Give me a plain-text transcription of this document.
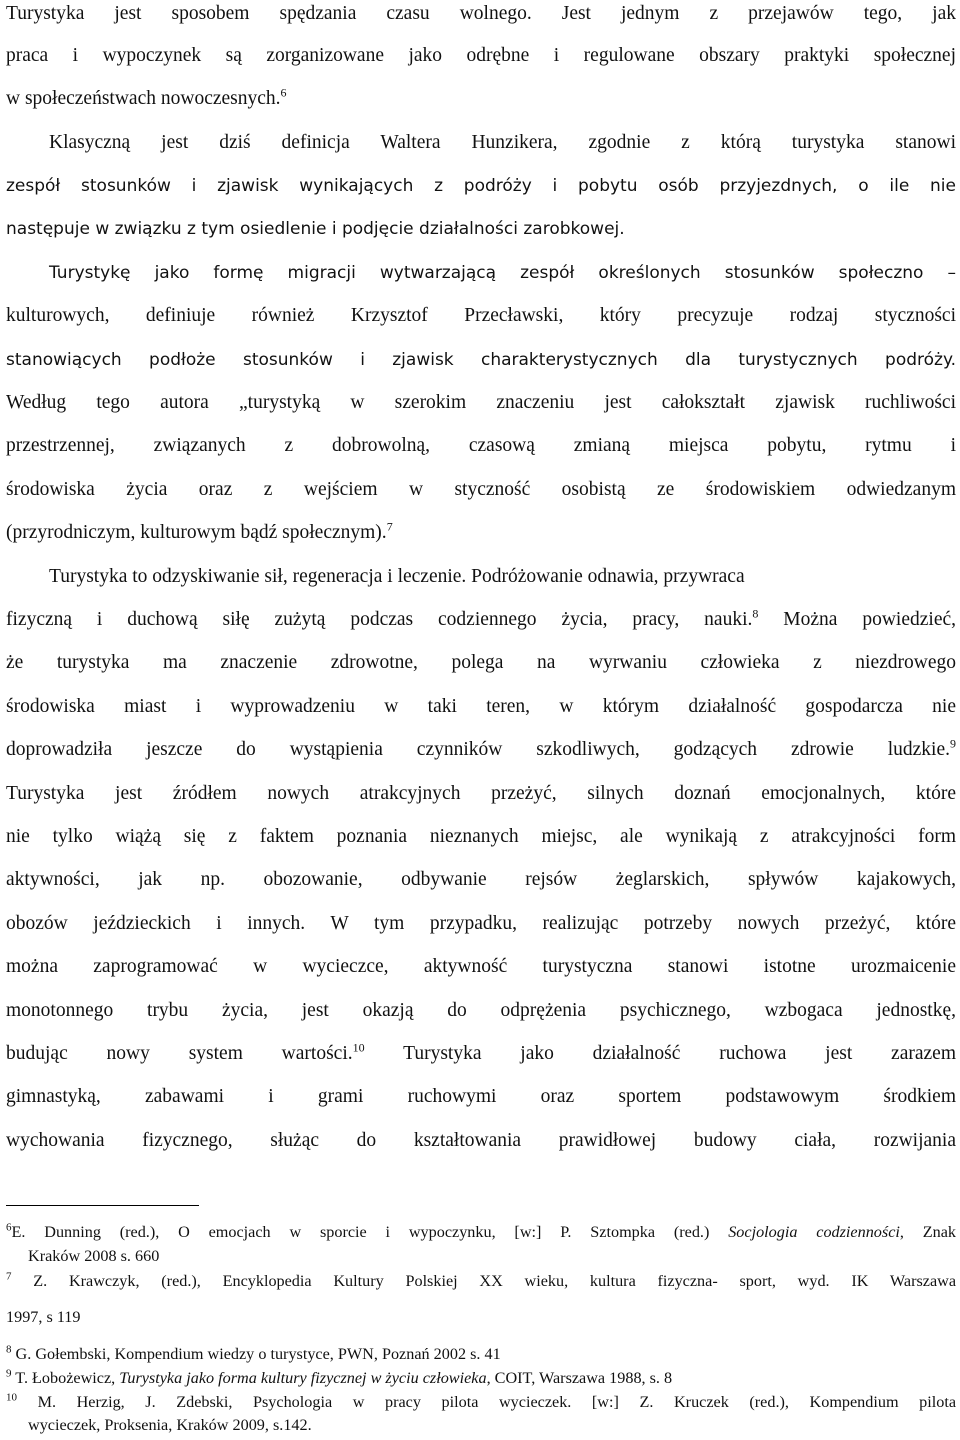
Turystyka jest sposobem spędzania czasu wolnego. Jest jednym z przejawów tego, jak
praca i wypoczynek są zorganizowane jako odrębne i regulowane obszary praktyki społecznej
w społeczeństwach nowoczesnych.$^6$
Klasyczną jest dziś definicja Waltera Hunzikera, zgodnie z którą turystyka stanowi
zespół stosunków i zjawisk wynikających z podróży i pobytu osób przyjezdnych, o ile nie
następuje w związku z tym osiedlenie i podjęcie działalności zarobkowej.
Turystykę jako formę migracji wytwarzającą zespół określonych stosunków społeczno –
kulturowych, definiuje również Krzysztof Przecławski, który precyzuje rodzaj styczności
stanowiących podłoże stosunków i zjawisk charakterystycznych dla turystycznych podróży.
Według tego autora „turystyką w szerokim znaczeniu jest całokształt zjawisk ruchliwości
przestrzennej, związanych z dobrowolną, czasową zmianą miejsca pobytu, rytmu i
środowiska życia oraz z wejściem w styczność osobistą ze środowiskiem odwiedzanym
(przyrodniczym, kulturowym bądź społecznym).$^7$
Turystyka to odzyskiwanie sił, regeneracja i leczenie. Podróżowanie odnawia, przywraca
fizyczną i duchową siłę zużytą podczas codziennego życia, pracy, nauki.$^8$ Można powiedzieć,
że turystyka ma znaczenie zdrowotne, polega na wyrwaniu człowieka z niezdrowego
środowiska miast i wyprowadzeniu w taki teren, w którym działalność gospodarcza nie
doprowadziła jeszcze do wystąpienia czynników szkodliwych, godzących zdrowie ludzkie.$^9$
Turystyka jest źródłem nowych atrakcyjnych przeżyć, silnych doznań emocjonalnych, które
nie tylko wiążą się z faktem poznania nieznanych miejsc, ale wynikają z atrakcyjności form
aktywności, jak np. obozowanie, odbywanie rejsów żeglarskich, spływów kajakowych,
obozów jeździeckich i innych. W tym przypadku, realizując potrzeby nowych przeżyć, które
można zaprogramować w wycieczce, aktywność turystyczna stanowi istotne urozmaicenie
monotonnego trybu życia, jest okazją do odprężenia psychicznego, wzbogaca jednostkę,
budując nowy system wartości.$^{10}$ Turystyka jako działalność ruchowa jest zarazem
gimnastyką, zabawami i grami ruchowymi oraz sportem podstawowym środkiem
wychowania fizycznego, służąc do kształtowania prawidłowej budowy ciała, rozwijania
$^6$E. Dunning (red.), O emocjach w sporcie i wypoczynku, [w:] P. Sztompka (red.) Socjologia codzienności, Znak
Kraków 2008 s. 660
$^7$ Z. Krawczyk, (red.), Encyklopedia Kultury Polskiej XX wieku, kultura fizyczna- sport, wyd. IK Warszawa
1997, s 119
$^8$ G. Gołembski, Kompendium wiedzy o turystyce, PWN, Poznań 2002 s. 41
$^9$ T. Łobożewicz, Turystyka jako forma kultury fizycznej w życiu człowieka, COIT, Warszawa 1988, s. 8
$^{10}$ M. Herzig, J. Zdebski, Psychologia w pracy pilota wycieczek. [w:] Z. Kruczek (red.), Kompendium pilota
wycieczek, Proksenia, Kraków 2009, s.142.
